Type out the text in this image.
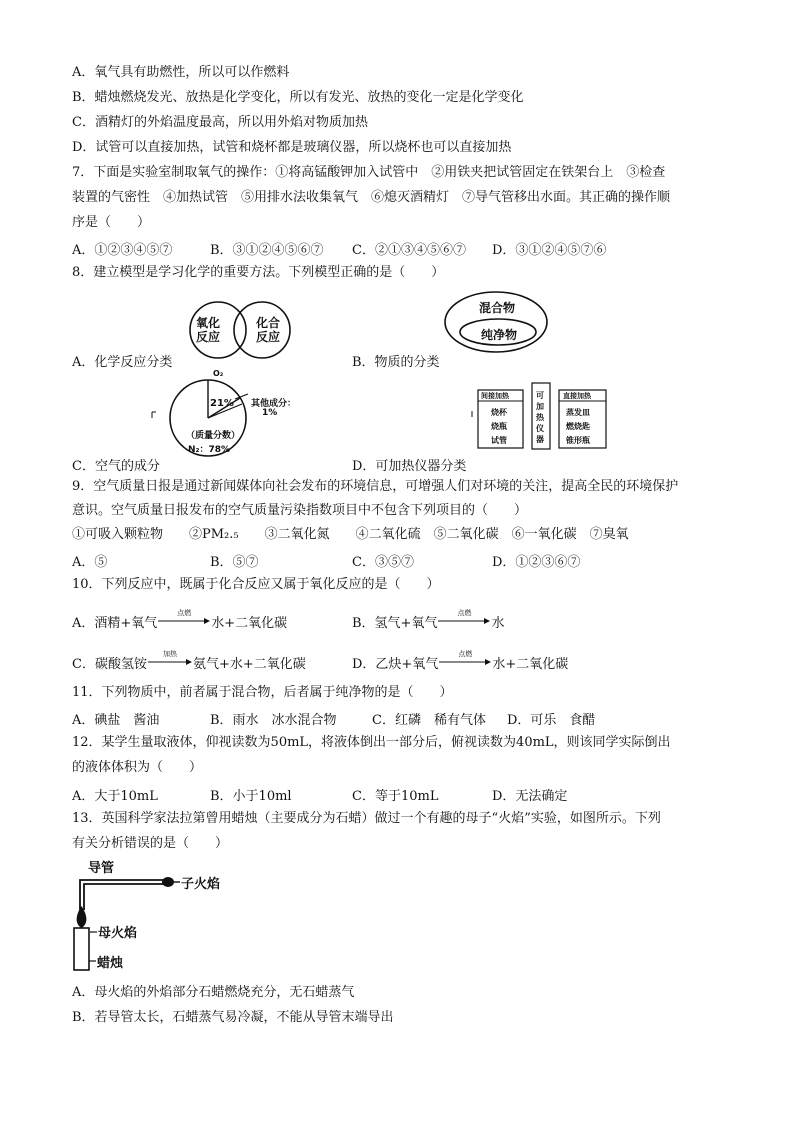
A．氧气具有助燃性，所以可以作燃料
B．蜡烛燃烧发光、放热是化学变化，所以有发光、放热的变化一定是化学变化
C．酒精灯的外焰温度最高，所以用外焰对物质加热
D．试管可以直接加热，试管和烧杯都是玻璃仪器，所以烧杯也可以直接加热
7．下面是实验室制取氧气的操作：①将高锰酸钾加入试管中　②用铁夹把试管固定在铁架台上　③检查
装置的气密性　④加热试管　⑤用排水法收集氧气　⑥熄灭酒精灯　⑦导气管移出水面。其正确的操作顺
序是（　　）
A．①②③④⑤⑦	B．③①②④⑤⑥⑦ C．②①③④⑤⑥⑦ D．③①②④⑤⑦⑥
8．建立模型是学习化学的重要方法。下列模型正确的是（　　）
氧化
反应
化合
反应
A．化学反应分类
混合物
纯净物
B．物质的分类
O₂
21% 其他成分：
1%
（质量分数）
N₂：78%
C．空气的成分
间接加热
烧杯
烧瓶
试管
可加热仪器
直接加热
蒸发皿
燃烧匙
锥形瓶
D．可加热仪器分类
9．空气质量日报是通过新闻媒体向社会发布的环境信息，可增强人们对环境的关注，提高全民的环境保护
意识。空气质量日报发布的空气质量污染指数项目中不包含下列项目的（　　）
①可吸入颗粒物　　②PM₂.₅　　③二氧化氮　　④二氧化硫　⑤二氧化碳　⑥一氧化碳　⑦臭氧
A．⑤	B．⑤⑦	C．③⑤⑦	D．①②③⑥⑦
10．下列反应中，既属于化合反应又属于氧化反应的是（　　）
A．酒精+氧气
点燃
水+二氧化碳	B．氢气+氧气
点燃
水
C．碳酸氢铵
加热
氨气+水+二氧化碳	D．乙炔+氧气
点燃
水+二氧化碳
11．下列物质中，前者属于混合物，后者属于纯净物的是（　　）
A．碘盐　酱油	B．雨水　冰水混合物	C．红磷　稀有气体 D．可乐　食醋
12．某学生量取液体，仰视读数为50mL，将液体倒出一部分后，俯视读数为40mL，则该同学实际倒出
的液体体积为（　　）
A．大于10mL	B．小于10ml	C．等于10mL	D．无法确定
13．英国科学家法拉第曾用蜡烛（主要成分为石蜡）做过一个有趣的母子“火焰”实验，如图所示。下列
有关分析错误的是（　　）
导管
子火焰
母火焰
蜡烛
A．母火焰的外焰部分石蜡燃烧充分，无石蜡蒸气
B．若导管太长，石蜡蒸气易冷凝，不能从导管末端导出
